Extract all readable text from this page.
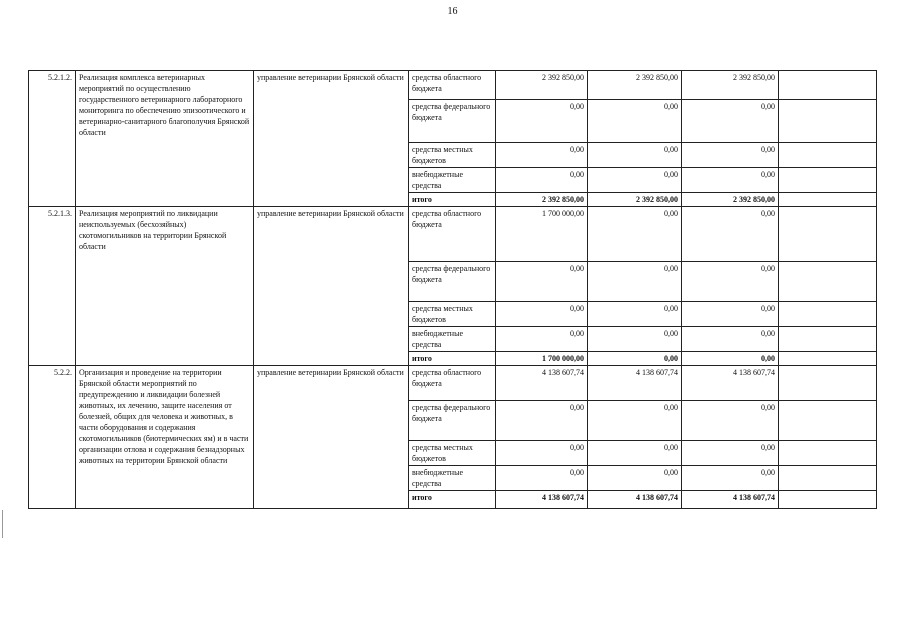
16
5.2.1.2.	Реализация комплекса ветеринарных мероприятий по осуществлению государственного ветеринарного лабораторного мониторинга по обеспечению эпизоотического и ветеринарно-санитарного благополучия Брянской области	управление ветеринарии Брянской области	средства областного бюджета	2 392 850,00	2 392 850,00	2 392 850,00	
			средства федерального бюджета	0,00	0,00	0,00	
			средства местных бюджетов	0,00	0,00	0,00	
			внебюджетные средства	0,00	0,00	0,00	
			итого	2 392 850,00	2 392 850,00	2 392 850,00	
5.2.1.3.	Реализация мероприятий по ликвидации неиспользуемых (бесхозяйных) скотомогильников на территории Брянской области	управление ветеринарии Брянской области	средства областного бюджета	1 700 000,00	0,00	0,00	
			средства федерального бюджета	0,00	0,00	0,00	
			средства местных бюджетов	0,00	0,00	0,00	
			внебюджетные средства	0,00	0,00	0,00	
			итого	1 700 000,00	0,00	0,00	
5.2.2.	Организация и проведение на территории Брянской области мероприятий по предупреждению и ликвидации болезней животных, их лечению, защите населения от болезней, общих для человека и животных, в части оборудования и содержания скотомогильников (биотермических ям) и в части организации отлова и содержания безнадзорных животных на территории Брянской области	управление ветеринарии Брянской области	средства областного бюджета	4 138 607,74	4 138 607,74	4 138 607,74	
			средства федерального бюджета	0,00	0,00	0,00	
			средства местных бюджетов	0,00	0,00	0,00	
			внебюджетные средства	0,00	0,00	0,00	
			итого	4 138 607,74	4 138 607,74	4 138 607,74	
